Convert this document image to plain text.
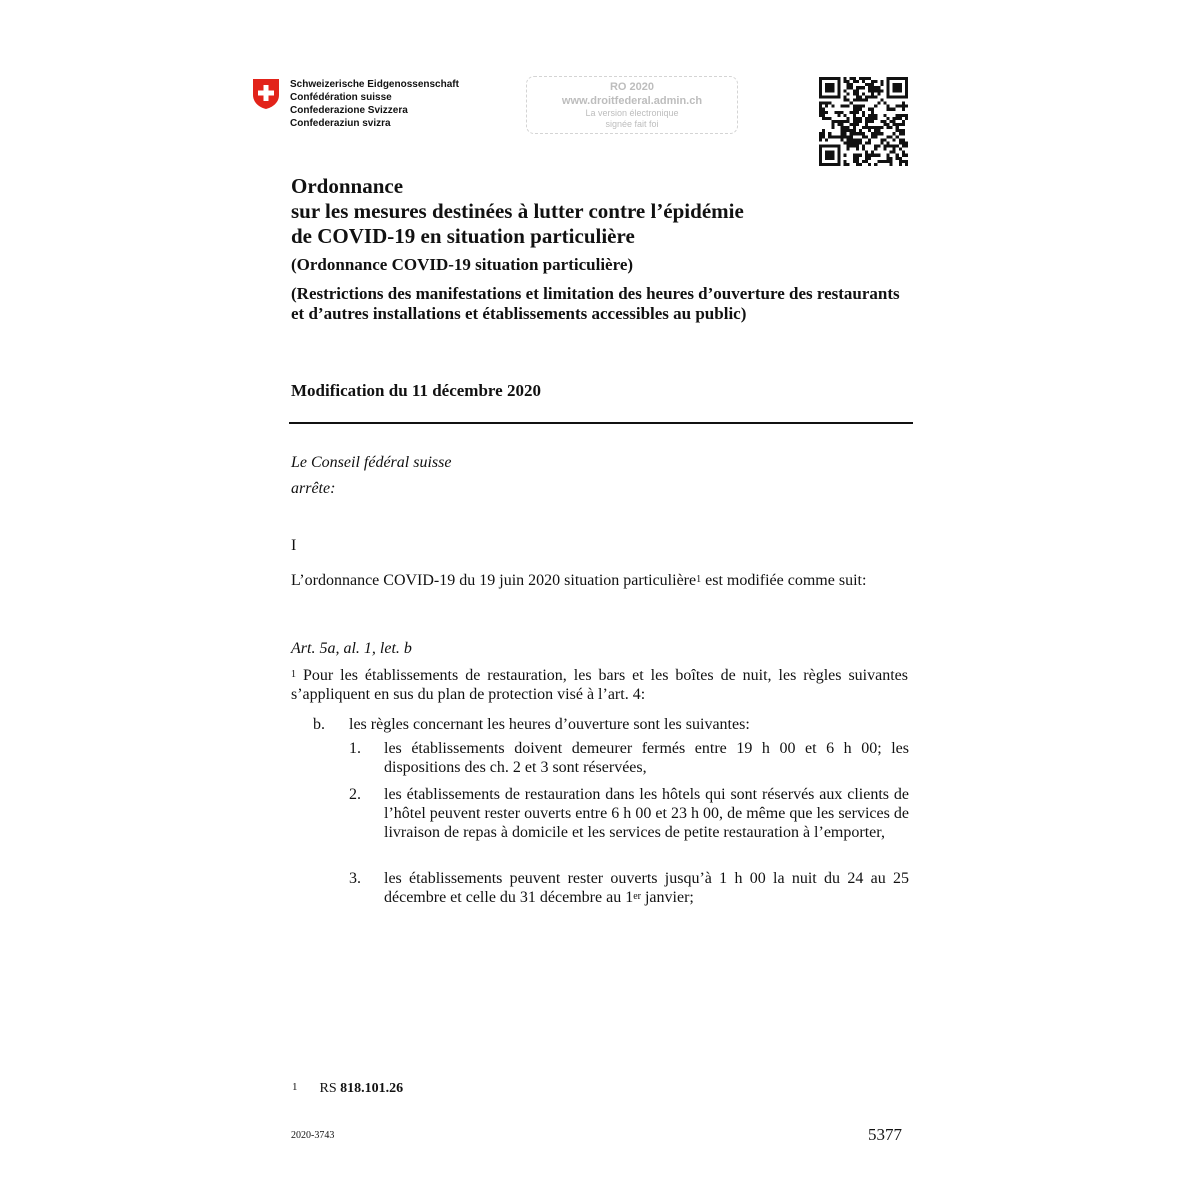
Schweizerische Eidgenossenschaft
Confédération suisse
Confederazione Svizzera
Confederaziun svizra
RO 2020
www.droitfederal.admin.ch
La version électronique
signée fait foi
Ordonnance
sur les mesures destinées à lutter contre l’épidémie
de COVID-19 en situation particulière
(Ordonnance COVID-19 situation particulière)
(Restrictions des manifestations et limitation des heures d’ouverture des restaurants et d’autres installations et établissements accessibles au public)
Modification du 11 décembre 2020
Le Conseil fédéral suisse
arrête:
I
L’ordonnance COVID-19 du 19 juin 2020 situation particulière$^1$ est modifiée comme suit:
Art. 5a, al. 1, let. b
$^1$ Pour les établissements de restauration, les bars et les boîtes de nuit, les règles suivantes s’appliquent en sus du plan de protection visé à l’art. 4:
b. les règles concernant les heures d’ouverture sont les suivantes:
1. les établissements doivent demeurer fermés entre 19 h 00 et 6 h 00; les dispositions des ch. 2 et 3 sont réservées,
2. les établissements de restauration dans les hôtels qui sont réservés aux clients de l’hôtel peuvent rester ouverts entre 6 h 00 et 23 h 00, de même que les services de livraison de repas à domicile et les services de petite restauration à l’emporter,
3. les établissements peuvent rester ouverts jusqu’à 1 h 00 la nuit du 24 au 25 décembre et celle du 31 décembre au 1er janvier;
$^1$ RS 818.101.26
2020-3743	5377
